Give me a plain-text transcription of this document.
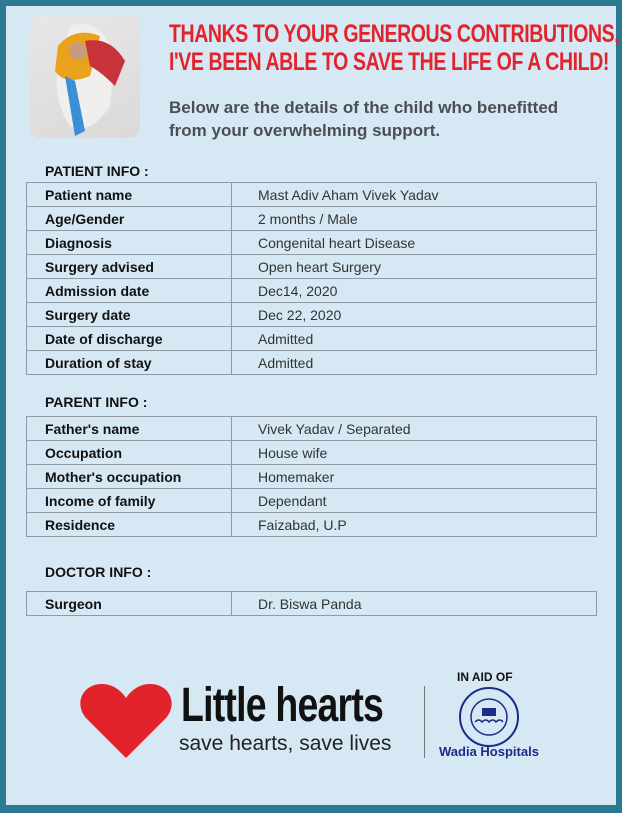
THANKS TO YOUR GENEROUS CONTRIBUTIONS,
I'VE BEEN ABLE TO SAVE THE LIFE OF A CHILD!
Below are the details of the child who benefitted from your overwhelming support.
PATIENT INFO :
Patient name	Mast Adiv Aham Vivek Yadav
Age/Gender	2 months / Male
Diagnosis	Congenital heart Disease
Surgery advised	Open heart Surgery
Admission date	Dec14, 2020
Surgery date	Dec 22, 2020
Date of discharge	Admitted
Duration of stay	Admitted
PARENT INFO :
Father's name	Vivek Yadav / Separated
Occupation	House wife
Mother's occupation	Homemaker
Income of family	Dependant
Residence	Faizabad, U.P
DOCTOR INFO :
Surgeon	Dr. Biswa Panda
Little hearts
save hearts, save lives
IN AID OF
Wadia Hospitals
